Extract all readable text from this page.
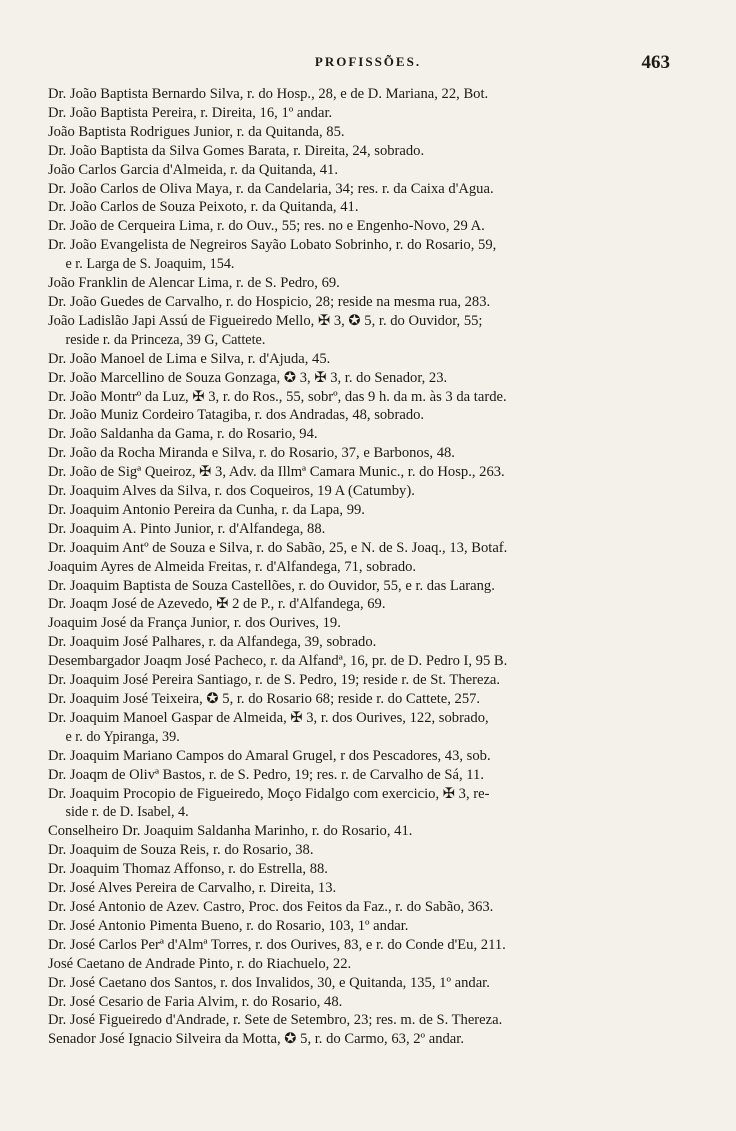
PROFISSÕES.	463
Dr. João Baptista Bernardo Silva, r. do Hosp., 28, e de D. Mariana, 22, Bot.
Dr. João Baptista Pereira, r. Direita, 16, 1º andar.
João Baptista Rodrigues Junior, r. da Quitanda, 85.
Dr. João Baptista da Silva Gomes Barata, r. Direita, 24, sobrado.
João Carlos Garcia d'Almeida, r. da Quitanda, 41.
Dr. João Carlos de Oliva Maya, r. da Candelaria, 34; res. r. da Caixa d'Agua.
Dr. João Carlos de Souza Peixoto, r. da Quitanda, 41.
Dr. João de Cerqueira Lima, r. do Ouv., 55; res. no e Engenho-Novo, 29 A.
Dr. João Evangelista de Negreiros Sayão Lobato Sobrinho, r. do Rosario, 59,
e r. Larga de S. Joaquim, 154.
João Franklin de Alencar Lima, r. de S. Pedro, 69.
Dr. João Guedes de Carvalho, r. do Hospicio, 28; reside na mesma rua, 283.
João Ladislão Japi Assú de Figueiredo Mello, ✠ 3, ✪ 5, r. do Ouvidor, 55;
reside r. da Princeza, 39 G, Cattete.
Dr. João Manoel de Lima e Silva, r. d'Ajuda, 45.
Dr. João Marcellino de Souza Gonzaga, ✪ 3, ✠ 3, r. do Senador, 23.
Dr. João Montrº da Luz, ✠ 3, r. do Ros., 55, sobrº, das 9 h. da m. às 3 da tarde.
Dr. João Muniz Cordeiro Tatagiba, r. dos Andradas, 48, sobrado.
Dr. João Saldanha da Gama, r. do Rosario, 94.
Dr. João da Rocha Miranda e Silva, r. do Rosario, 37, e Barbonos, 48.
Dr. João de Sigª Queiroz, ✠ 3, Adv. da Illmª Camara Munic., r. do Hosp., 263.
Dr. Joaquim Alves da Silva, r. dos Coqueiros, 19 A (Catumby).
Dr. Joaquim Antonio Pereira da Cunha, r. da Lapa, 99.
Dr. Joaquim A. Pinto Junior, r. d'Alfandega, 88.
Dr. Joaquim Antº de Souza e Silva, r. do Sabão, 25, e N. de S. Joaq., 13, Botaf.
Joaquim Ayres de Almeida Freitas, r. d'Alfandega, 71, sobrado.
Dr. Joaquim Baptista de Souza Castellões, r. do Ouvidor, 55, e r. das Larang.
Dr. Joaqm José de Azevedo, ✠ 2 de P., r. d'Alfandega, 69.
Joaquim José da França Junior, r. dos Ourives, 19.
Dr. Joaquim José Palhares, r. da Alfandega, 39, sobrado.
Desembargador Joaqm José Pacheco, r. da Alfandª, 16, pr. de D. Pedro I, 95 B.
Dr. Joaquim José Pereira Santiago, r. de S. Pedro, 19; reside r. de St. Thereza.
Dr. Joaquim José Teixeira, ✪ 5, r. do Rosario 68; reside r. do Cattete, 257.
Dr. Joaquim Manoel Gaspar de Almeida, ✠ 3, r. dos Ourives, 122, sobrado,
e r. do Ypiranga, 39.
Dr. Joaquim Mariano Campos do Amaral Grugel, r dos Pescadores, 43, sob.
Dr. Joaqm de Olivª Bastos, r. de S. Pedro, 19; res. r. de Carvalho de Sá, 11.
Dr. Joaquim Procopio de Figueiredo, Moço Fidalgo com exercicio, ✠ 3, re-
side r. de D. Isabel, 4.
Conselheiro Dr. Joaquim Saldanha Marinho, r. do Rosario, 41.
Dr. Joaquim de Souza Reis, r. do Rosario, 38.
Dr. Joaquim Thomaz Affonso, r. do Estrella, 88.
Dr. José Alves Pereira de Carvalho, r. Direita, 13.
Dr. José Antonio de Azev. Castro, Proc. dos Feitos da Faz., r. do Sabão, 363.
Dr. José Antonio Pimenta Bueno, r. do Rosario, 103, 1º andar.
Dr. José Carlos Perª d'Almª Torres, r. dos Ourives, 83, e r. do Conde d'Eu, 211.
José Caetano de Andrade Pinto, r. do Riachuelo, 22.
Dr. José Caetano dos Santos, r. dos Invalidos, 30, e Quitanda, 135, 1º andar.
Dr. José Cesario de Faria Alvim, r. do Rosario, 48.
Dr. José Figueiredo d'Andrade, r. Sete de Setembro, 23; res. m. de S. Thereza.
Senador José Ignacio Silveira da Motta, ✪ 5, r. do Carmo, 63, 2º andar.
